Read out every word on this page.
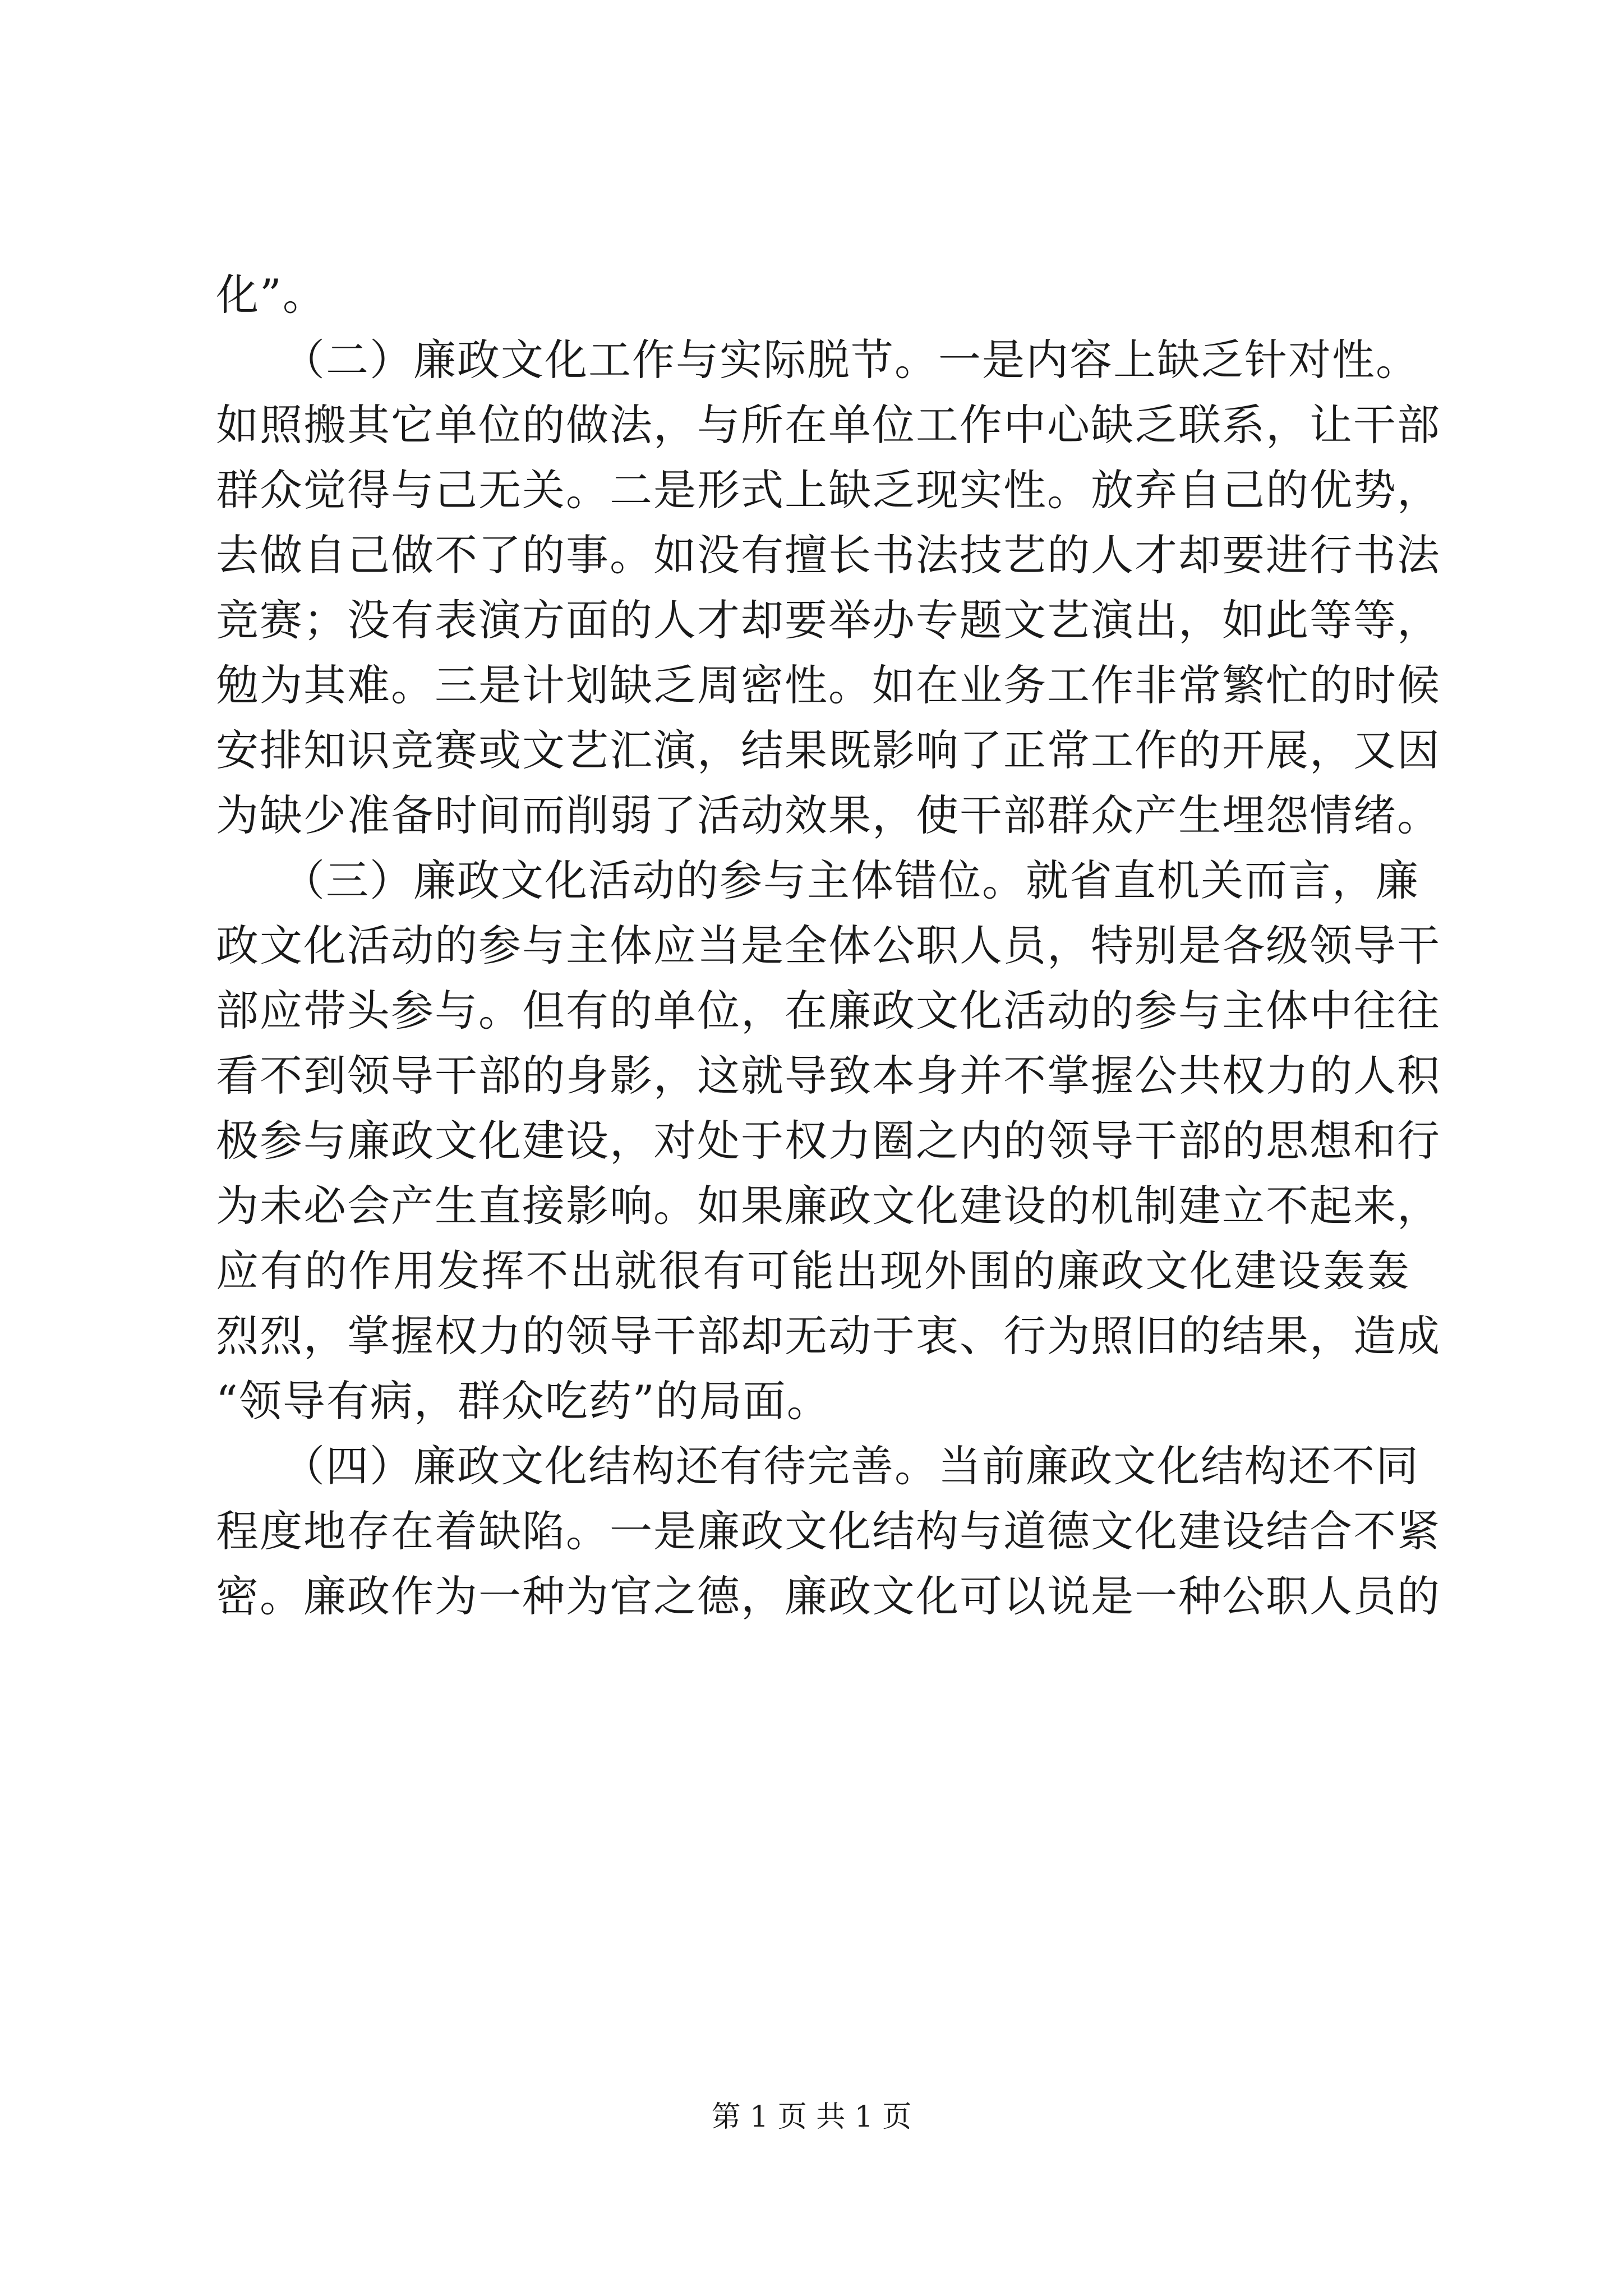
化”。
　　（二）廉政文化工作与实际脱节。一是内容上缺乏针对性。
如照搬其它单位的做法，与所在单位工作中心缺乏联系，让干部
群众觉得与己无关。二是形式上缺乏现实性。放弃自己的优势，
去做自己做不了的事。如没有擅长书法技艺的人才却要进行书法
竞赛；没有表演方面的人才却要举办专题文艺演出，如此等等，
勉为其难。三是计划缺乏周密性。如在业务工作非常繁忙的时候
安排知识竞赛或文艺汇演，结果既影响了正常工作的开展，又因
为缺少准备时间而削弱了活动效果，使干部群众产生埋怨情绪。
　　（三）廉政文化活动的参与主体错位。就省直机关而言，廉
政文化活动的参与主体应当是全体公职人员，特别是各级领导干
部应带头参与。但有的单位，在廉政文化活动的参与主体中往往
看不到领导干部的身影，这就导致本身并不掌握公共权力的人积
极参与廉政文化建设，对处于权力圈之内的领导干部的思想和行
为未必会产生直接影响。如果廉政文化建设的机制建立不起来，
应有的作用发挥不出就很有可能出现外围的廉政文化建设轰轰
烈烈，掌握权力的领导干部却无动于衷、行为照旧的结果，造成
“领导有病，群众吃药”的局面。
　　（四）廉政文化结构还有待完善。当前廉政文化结构还不同
程度地存在着缺陷。一是廉政文化结构与道德文化建设结合不紧
密。廉政作为一种为官之德，廉政文化可以说是一种公职人员的
第 1 页 共 1 页
